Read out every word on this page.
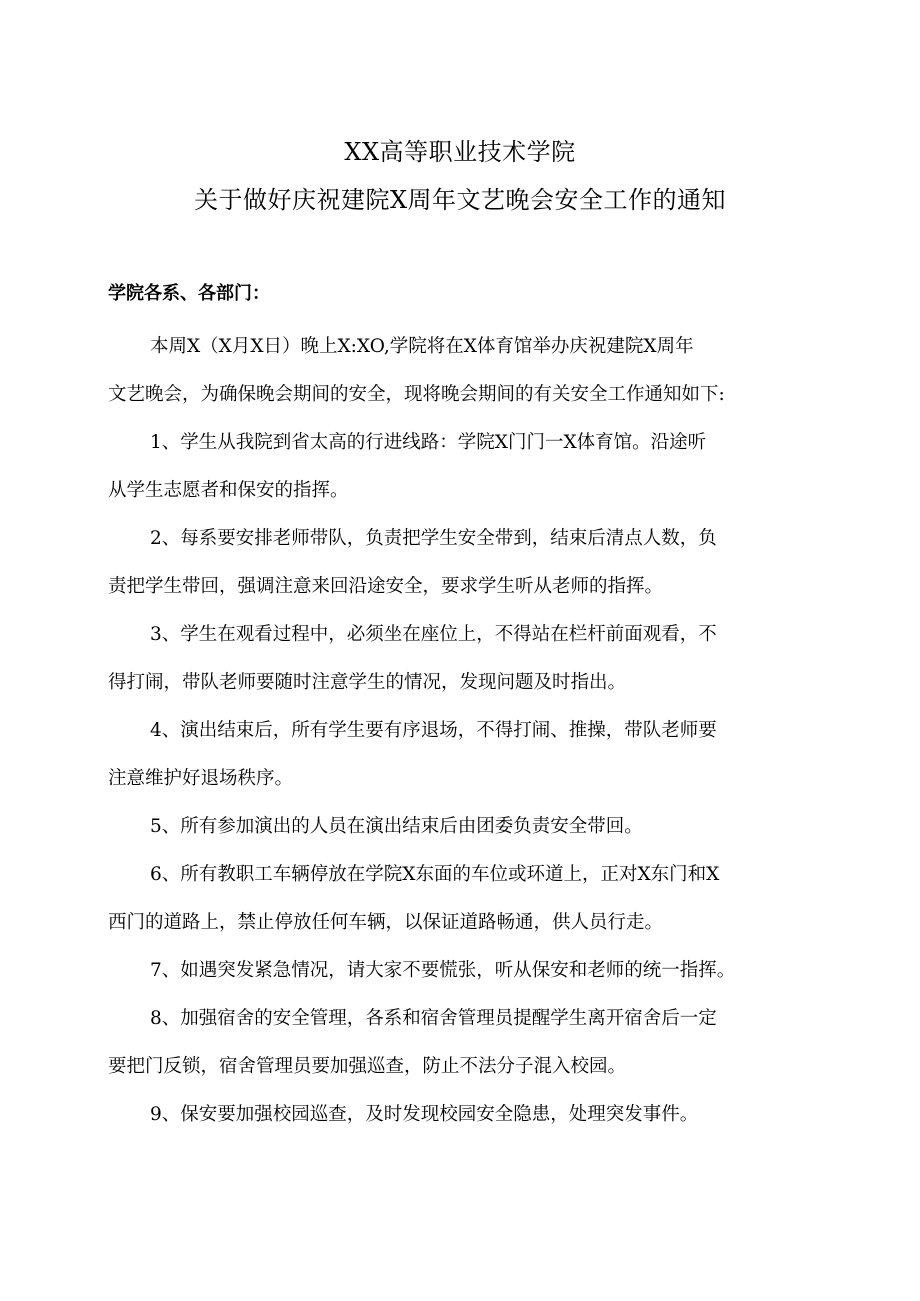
XX高等职业技术学院
关于做好庆祝建院X周年文艺晚会安全工作的通知
学院各系、各部门：

本周X（X月X日）晚上X:XO,学院将在X体育馆举办庆祝建院X周年
文艺晚会，为确保晚会期间的安全，现将晚会期间的有关安全工作通知如下:

1、学生从我院到省太高的行进线路：学院X门门一X体育馆。沿途听
从学生志愿者和保安的指挥。

2、每系要安排老师带队，负责把学生安全带到，结束后清点人数，负
责把学生带回，强调注意来回沿途安全，要求学生听从老师的指挥。

3、学生在观看过程中，必须坐在座位上，不得站在栏杆前面观看，不
得打闹，带队老师要随时注意学生的情况，发现问题及时指出。

4、演出结束后，所有学生要有序退场，不得打闹、推操，带队老师要
注意维护好退场秩序。

5、所有参加演出的人员在演出结束后由团委负责安全带回。

6、所有教职工车辆停放在学院X东面的车位或环道上，正对X东门和X
西门的道路上，禁止停放任何车辆，以保证道路畅通，供人员行走。

7、如遇突发紧急情况，请大家不要慌张，听从保安和老师的统一指挥。

8、加强宿舍的安全管理，各系和宿舍管理员提醒学生离开宿舍后一定
要把门反锁，宿舍管理员要加强巡查，防止不法分子混入校园。

9、保安要加强校园巡查，及时发现校园安全隐患，处理突发事件。
